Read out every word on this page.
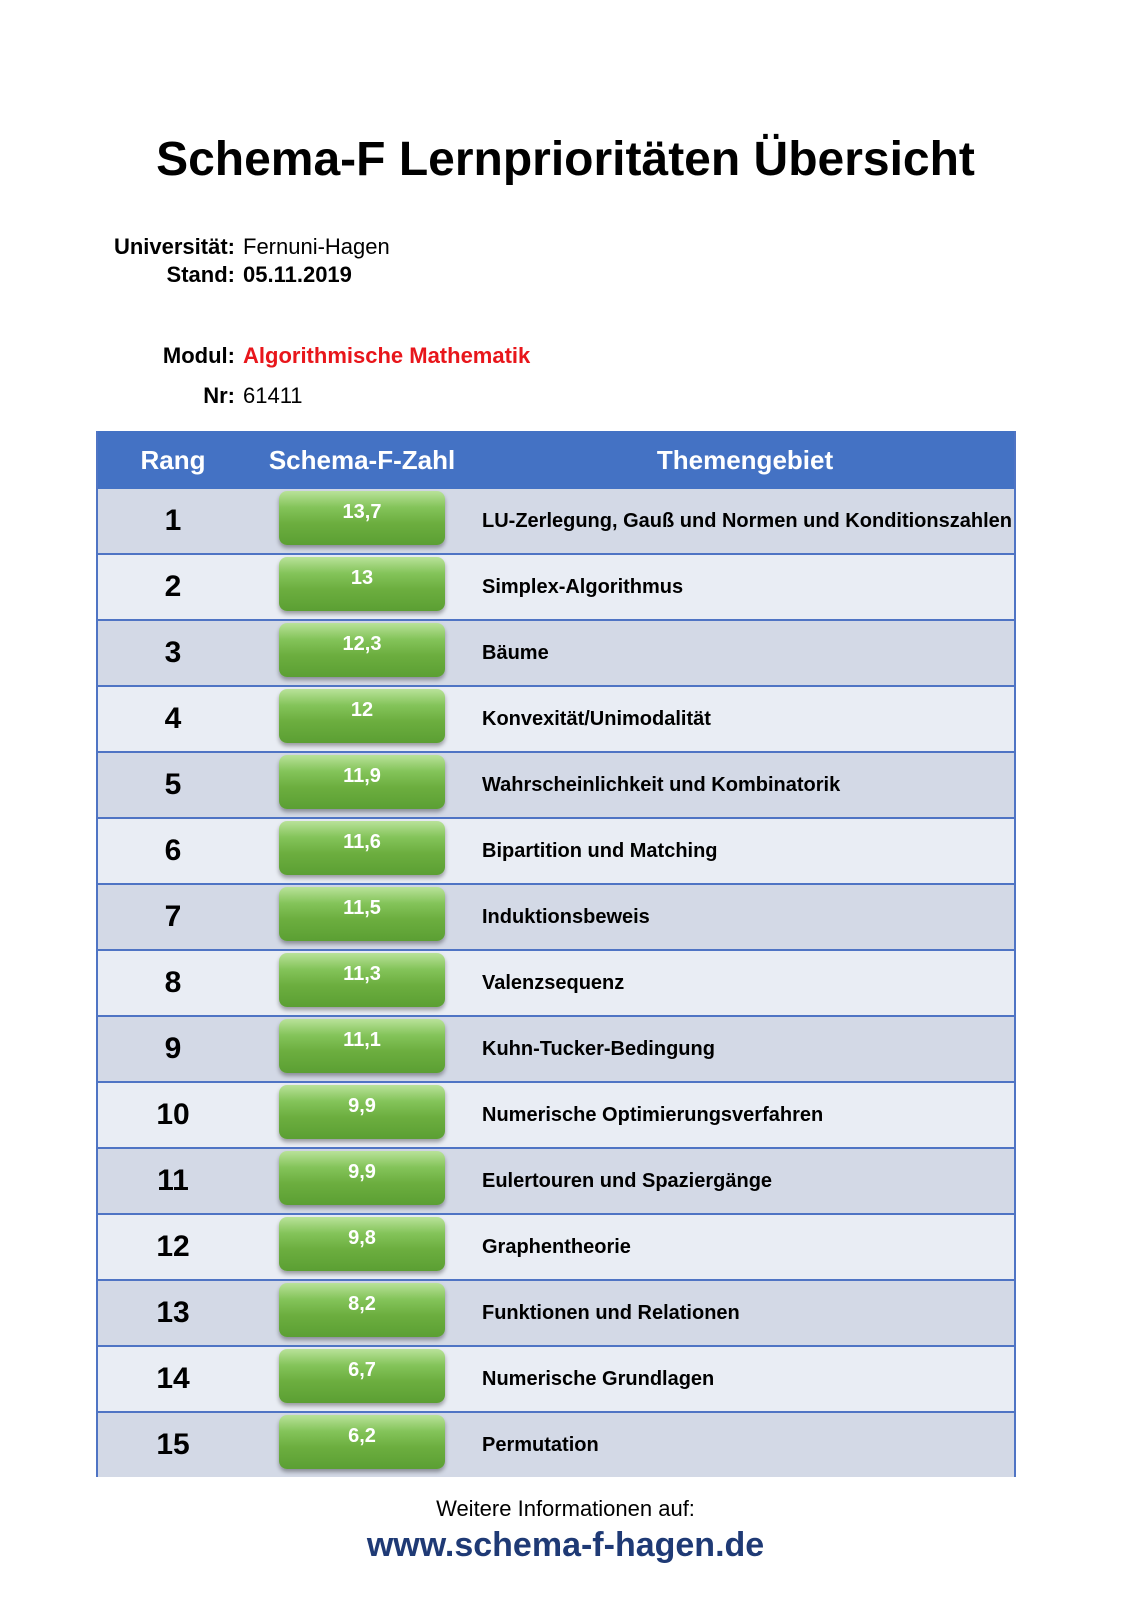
Schema-F Lernprioritäten Übersicht
Universität: Fernuni-Hagen
Stand: 05.11.2019
Modul: Algorithmische Mathematik
Nr: 61411
Rang	Schema-F-Zahl	Themengebiet
1	13,7	LU-Zerlegung, Gauß und Normen und Konditionszahlen
2	13	Simplex-Algorithmus
3	12,3	Bäume
4	12	Konvexität/Unimodalität
5	11,9	Wahrscheinlichkeit und Kombinatorik
6	11,6	Bipartition und Matching
7	11,5	Induktionsbeweis
8	11,3	Valenzsequenz
9	11,1	Kuhn-Tucker-Bedingung
10	9,9	Numerische Optimierungsverfahren
11	9,9	Eulertouren und Spaziergänge
12	9,8	Graphentheorie
13	8,2	Funktionen und Relationen
14	6,7	Numerische Grundlagen
15	6,2	Permutation
Weitere Informationen auf:
www.schema-f-hagen.de
